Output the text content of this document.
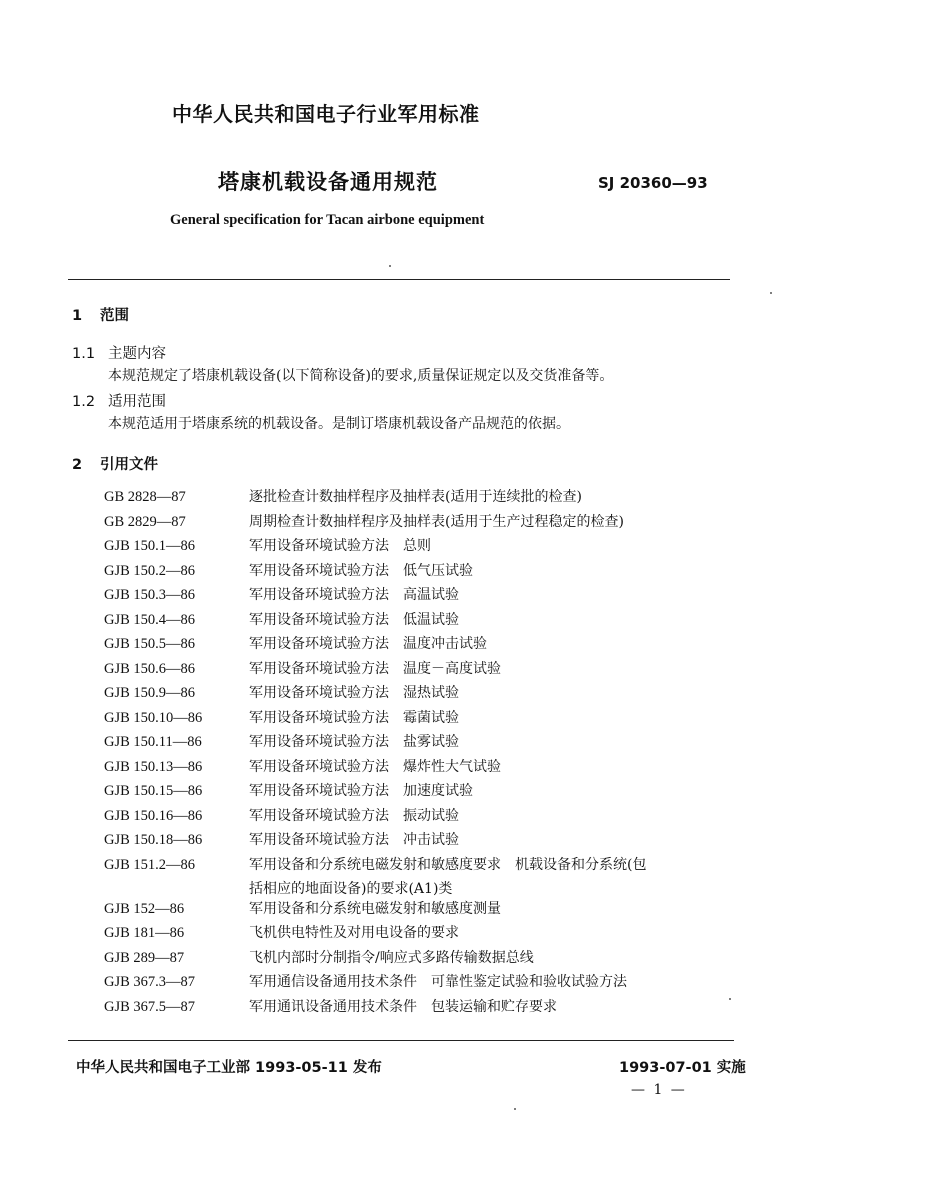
中华人民共和国电子行业军用标准
塔康机载设备通用规范	SJ 20360—93
General specification for Tacan airbone equipment
1 范围
1.1 主题内容
本规范规定了塔康机载设备(以下简称设备)的要求,质量保证规定以及交货准备等。
1.2 适用范围
本规范适用于塔康系统的机载设备。是制订塔康机载设备产品规范的依据。
2 引用文件
GB 2828—87	逐批检查计数抽样程序及抽样表(适用于连续批的检查)
GB 2829—87	周期检查计数抽样程序及抽样表(适用于生产过程稳定的检查)
GJB 150.1—86	军用设备环境试验方法　总则
GJB 150.2—86	军用设备环境试验方法　低气压试验
GJB 150.3—86	军用设备环境试验方法　高温试验
GJB 150.4—86	军用设备环境试验方法　低温试验
GJB 150.5—86	军用设备环境试验方法　温度冲击试验
GJB 150.6—86	军用设备环境试验方法　温度－高度试验
GJB 150.9—86	军用设备环境试验方法　湿热试验
GJB 150.10—86	军用设备环境试验方法　霉菌试验
GJB 150.11—86	军用设备环境试验方法　盐雾试验
GJB 150.13—86	军用设备环境试验方法　爆炸性大气试验
GJB 150.15—86	军用设备环境试验方法　加速度试验
GJB 150.16—86	军用设备环境试验方法　振动试验
GJB 150.18—86	军用设备环境试验方法　冲击试验
GJB 151.2—86	军用设备和分系统电磁发射和敏感度要求　机载设备和分系统(包
括相应的地面设备)的要求(A1)类

GJB 152—86	军用设备和分系统电磁发射和敏感度测量
GJB 181—86	飞机供电特性及对用电设备的要求
GJB 289—87	飞机内部时分制指令/响应式多路传输数据总线
GJB 367.3—87	军用通信设备通用技术条件　可靠性鉴定试验和验收试验方法
GJB 367.5—87	军用通讯设备通用技术条件　包装运输和贮存要求
中华人民共和国电子工业部 1993-05-11 发布	1993-07-01 实施
— 1 —
